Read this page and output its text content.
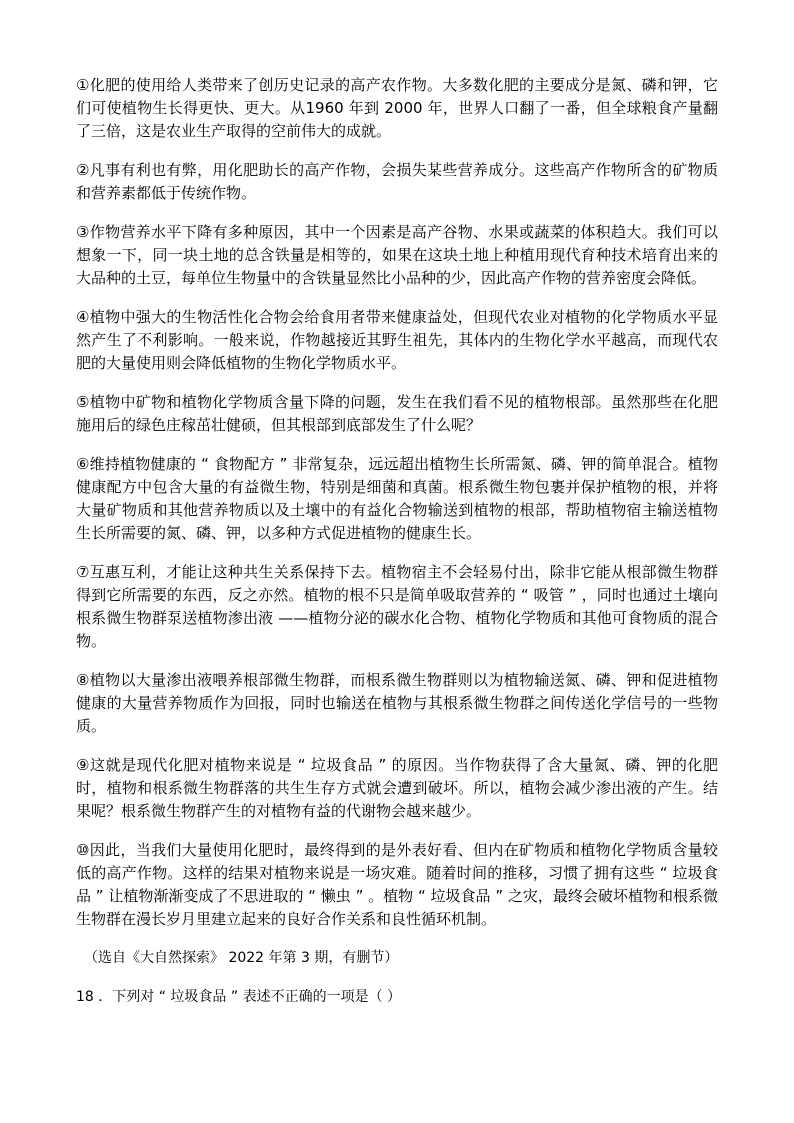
①化肥的使用给人类带来了创历史记录的高产农作物。大多数化肥的主要成分是氮、磷和钾，它们可使植物生长得更快、更大。从1960 年到 2000 年，世界人口翻了一番，但全球粮食产量翻了三倍，这是农业生产取得的空前伟大的成就。

②凡事有利也有弊，用化肥助长的高产作物，会损失某些营养成分。这些高产作物所含的矿物质和营养素都低于传统作物。

③作物营养水平下降有多种原因，其中一个因素是高产谷物、水果或蔬菜的体积趋大。我们可以想象一下，同一块土地的总含铁量是相等的，如果在这块土地上种植用现代育种技术培育出来的大品种的土豆，每单位生物量中的含铁量显然比小品种的少，因此高产作物的营养密度会降低。

④植物中强大的生物活性化合物会给食用者带来健康益处，但现代农业对植物的化学物质水平显然产生了不利影响。一般来说，作物越接近其野生祖先，其体内的生物化学水平越高，而现代农肥的大量使用则会降低植物的生物化学物质水平。

⑤植物中矿物和植物化学物质含量下降的问题，发生在我们看不见的植物根部。虽然那些在化肥施用后的绿色庄稼茁壮健硕，但其根部到底部发生了什么呢？

⑥维持植物健康的 “ 食物配方 ” 非常复杂，远远超出植物生长所需氮、磷、钾的简单混合。植物健康配方中包含大量的有益微生物，特别是细菌和真菌。根系微生物包裹并保护植物的根，并将大量矿物质和其他营养物质以及土壤中的有益化合物输送到植物的根部，帮助植物宿主输送植物生长所需要的氮、磷、钾，以多种方式促进植物的健康生长。

⑦互惠互利，才能让这种共生关系保持下去。植物宿主不会轻易付出，除非它能从根部微生物群得到它所需要的东西，反之亦然。植物的根不只是简单吸取营养的 “ 吸管 ” ，同时也通过土壤向根系微生物群泵送植物渗出液 ——植物分泌的碳水化合物、植物化学物质和其他可食物质的混合物。

⑧植物以大量渗出液喂养根部微生物群，而根系微生物群则以为植物输送氮、磷、钾和促进植物健康的大量营养物质作为回报，同时也输送在植物与其根系微生物群之间传送化学信号的一些物质。

⑨这就是现代化肥对植物来说是 “ 垃圾食品 ” 的原因。当作物获得了含大量氮、磷、钾的化肥时，植物和根系微生物群落的共生生存方式就会遭到破坏。所以，植物会减少渗出液的产生。结果呢？根系微生物群产生的对植物有益的代谢物会越来越少。

⑩因此，当我们大量使用化肥时，最终得到的是外表好看、但内在矿物质和植物化学物质含量较低的高产作物。这样的结果对植物来说是一场灾难。随着时间的推移，习惯了拥有这些 “ 垃圾食品 ” 让植物渐渐变成了不思进取的 “ 懒虫 ” 。植物 “ 垃圾食品 ” 之灾，最终会破坏植物和根系微生物群在漫长岁月里建立起来的良好合作关系和良性循环机制。

（选自《大自然探索》 2022 年第 3 期，有删节）

18 ．下列对 “ 垃圾食品 ” 表述不正确的一项是（ ）
